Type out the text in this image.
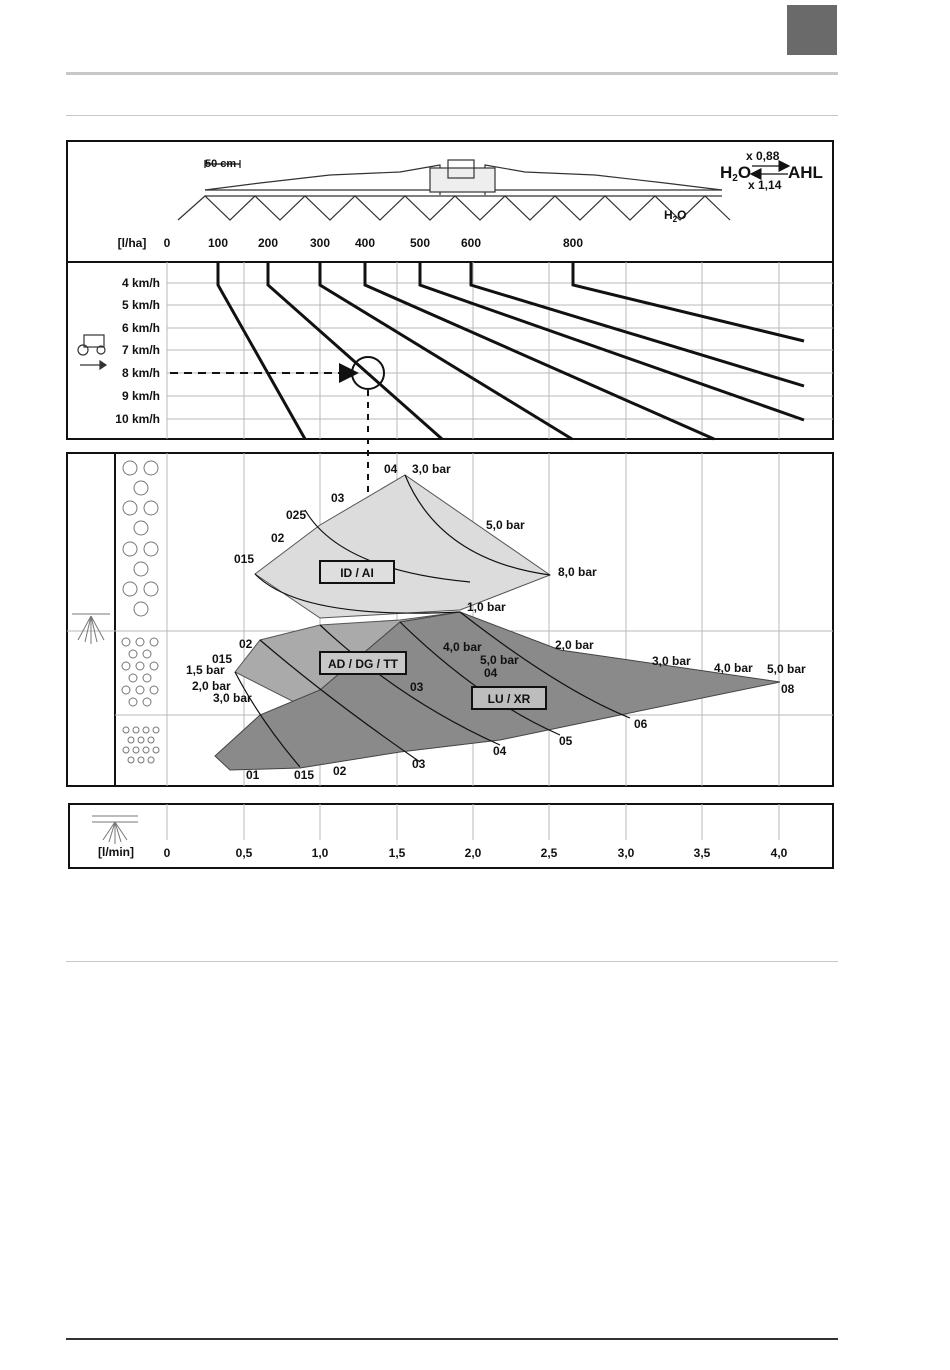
50 cm
x 0,88
H2O AHL
x 1,14
$H_2O$
[l/ha] 0	100 200	300 400	500	600	800
4 km/h
5 km/h
6 km/h
7 km/h
8 km/h
9 km/h
10 km/h
ID / AI
AD / DG / TT
LU / XR
04 3,0 bar
03
5,0 bar
025
02
015
8,0 bar
1,0 bar
02	4,0 bar	2,0 bar
015	5,0 bar
04
1,5 bar
3,0 bar 4,0 bar 5,0 bar
08
2,0 bar	03
3,0 bar
06
05
04
03
01	015 02
[l/min] 0	0,5	1,0	1,5	2,0	2,5	3,0	3,5	4,0
